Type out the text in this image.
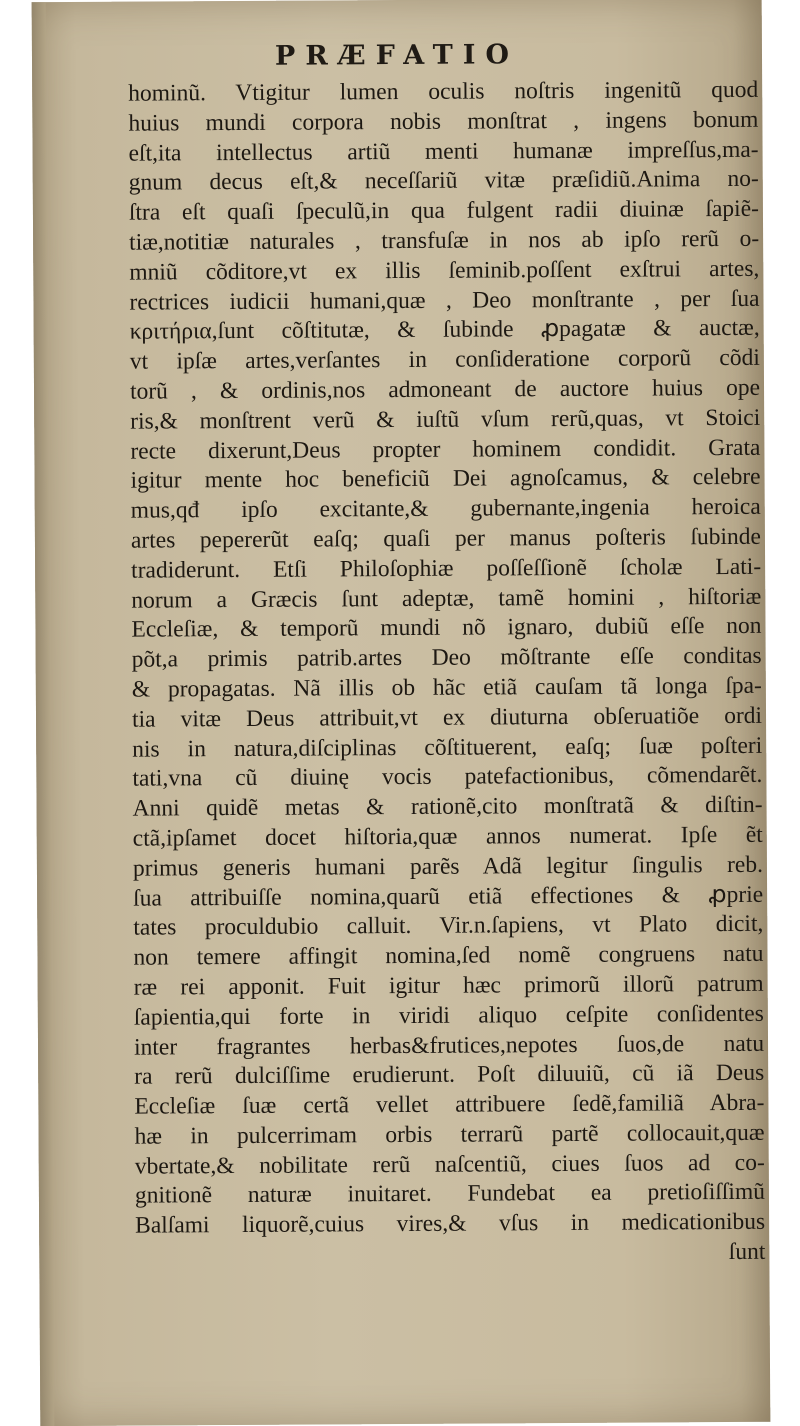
PRÆFATIO
hominũ. Vtigitur lumen oculis noſtris ingenitũ quod
huius mundi corpora nobis monſtrat , ingens bonum
eſt,ita intellectus artiũ menti humanæ impreſſus,ma-
gnum decus eſt,& neceſſariũ vitæ præſidiũ.Anima no-
ſtra eſt quaſi ſpeculũ,in qua fulgent radii diuinæ ſapiẽ-
tiæ,notitiæ naturales , transfuſæ in nos ab ipſo rerũ o-
mniũ cõditore,vt ex illis ſeminib.poſſent exſtrui artes,
rectrices iudicii humani,quæ , Deo monſtrante , per ſua
κριτήρια,ſunt cõſtitutæ, & ſubinde ꝓpagatæ & auctæ,
vt ipſæ artes,verſantes in conſideratione corporũ cõdi
torũ , & ordinis,nos admoneant de auctore huius ope
ris,& monſtrent verũ & iuſtũ vſum rerũ,quas, vt Stoici
recte dixerunt,Deus propter hominem condidit. Grata
igitur mente hoc beneficiũ Dei agnoſcamus, & celebre
mus,qđ ipſo excitante,& gubernante,ingenia heroica
artes pepererũt eaſq; quaſi per manus poſteris ſubinde
tradiderunt. Etſi Philoſophiæ poſſeſſionẽ ſcholæ Lati-
norum a Græcis ſunt adeptæ, tamẽ homini , hiſtoriæ
Eccleſiæ, & temporũ mundi nõ ignaro, dubiũ eſſe non
põt,a primis patrib.artes Deo mõſtrante eſſe conditas
& propagatas. Nã illis ob hãc etiã cauſam tã longa ſpa-
tia vitæ Deus attribuit,vt ex diuturna obſeruatiõe ordi
nis in natura,diſciplinas cõſtituerent, eaſq; ſuæ poſteri
tati,vna cũ diuinę vocis patefactionibus, cõmendarẽt.
Anni quidẽ metas & rationẽ,cito monſtratã & diſtin-
ctã,ipſamet docet hiſtoria,quæ annos numerat. Ipſe ẽt
primus generis humani parẽs Adã legitur ſingulis reb.
ſua attribuiſſe nomina,quarũ etiã effectiones & ꝓprie
tates proculdubio calluit. Vir.n.ſapiens, vt Plato dicit,
non temere affingit nomina,ſed nomẽ congruens natu
ræ rei apponit. Fuit igitur hæc primorũ illorũ patrum
ſapientia,qui forte in viridi aliquo ceſpite conſidentes
inter fragrantes herbas&frutices,nepotes ſuos,de natu
ra rerũ dulciſſime erudierunt. Poſt diluuiũ, cũ iã Deus
Eccleſiæ ſuæ certã vellet attribuere ſedẽ,familiã Abra-
hæ in pulcerrimam orbis terrarũ partẽ collocauit,quæ
vbertate,& nobilitate rerũ naſcentiũ, ciues ſuos ad co-
gnitionẽ naturæ inuitaret. Fundebat ea pretioſiſſimũ
Balſami liquorẽ,cuius vires,& vſus in medicationibus
ſunt
